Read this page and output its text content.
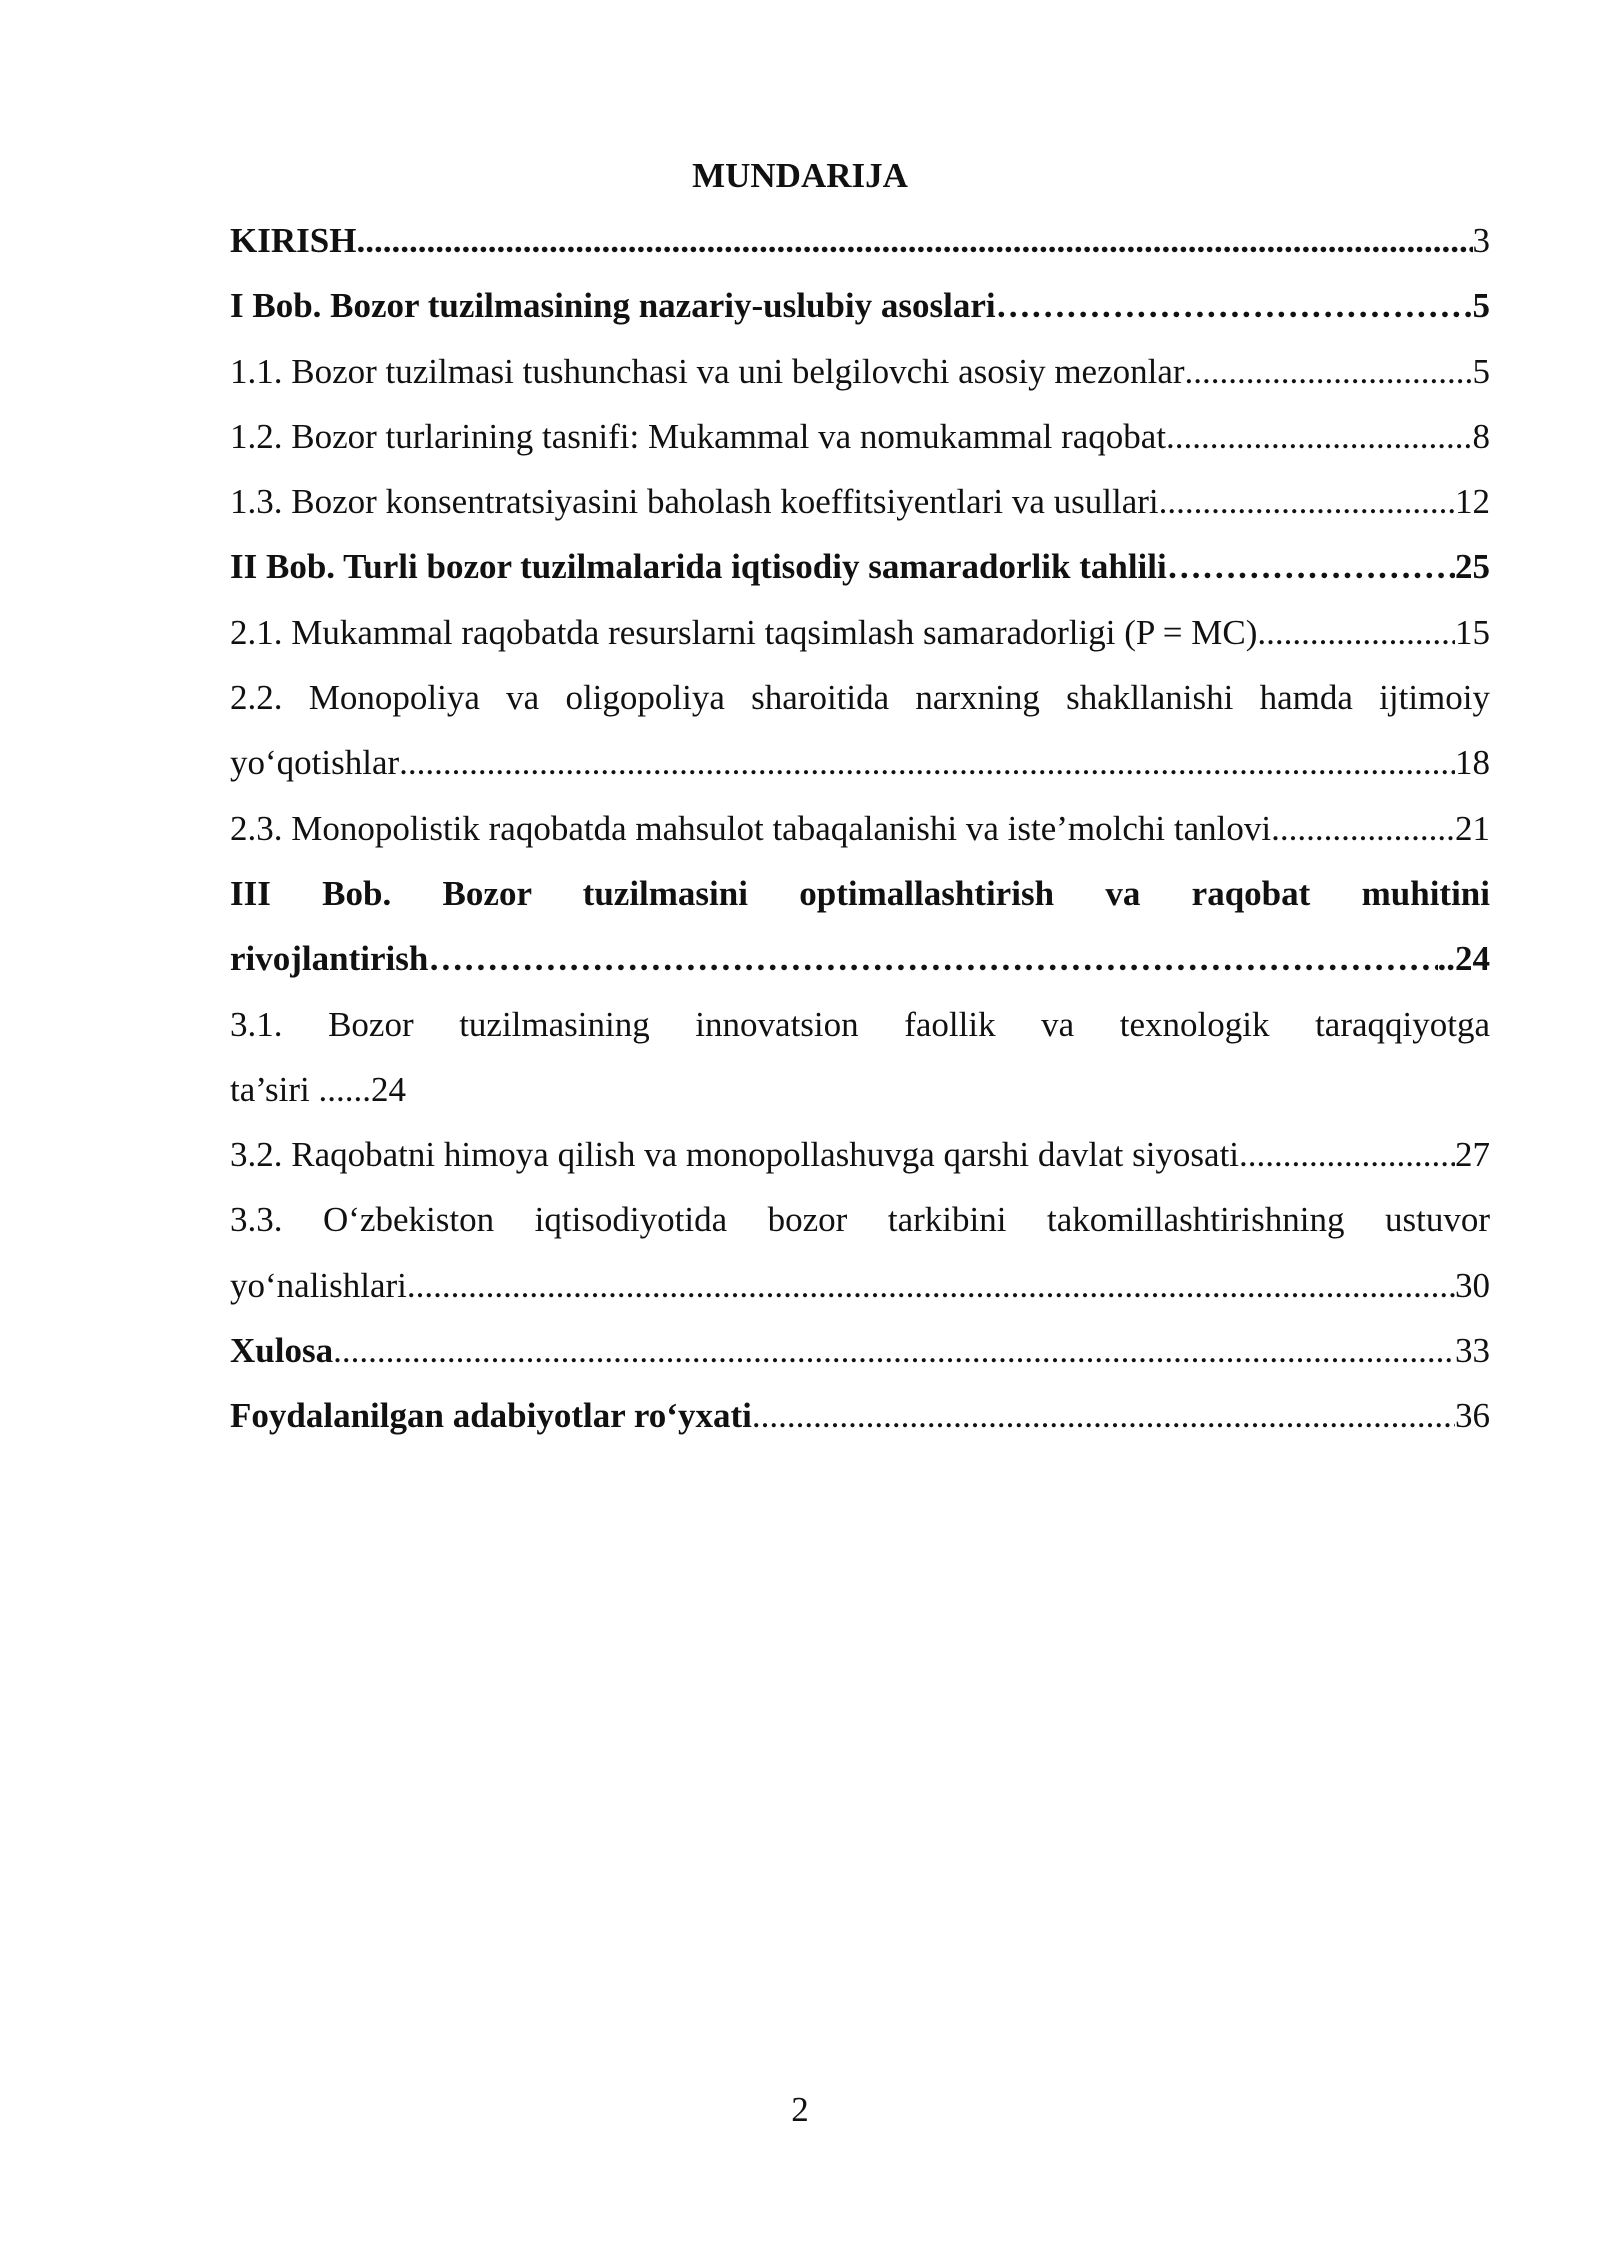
MUNDARIJA
KIRISH .....	3
I Bob. Bozor tuzilmasining nazariy-uslubiy asoslari …………………………………………………………………………………………………………………………………………………	.5
1.1. Bozor tuzilmasi tushunchasi va uni belgilovchi asosiy mezonlar .....	5
1.2. Bozor turlarining tasnifi: Mukammal va nomukammal raqobat .....	8
1.3. Bozor konsentratsiyasini baholash koeffitsiyentlari va usullari .....	12
II Bob. Turli bozor tuzilmalarida iqtisodiy samaradorlik tahlili …………………………………………………………………………………………………………………………………………………	25
2.1. Mukammal raqobatda resurslarni taqsimlash samaradorligi (P = MC) .....	15
2.2. Monopoliya va oligopoliya sharoitida narxning shakllanishi hamda ijtimoiy
yo‘qotishlar .....	18
2.3. Monopolistik raqobatda mahsulot tabaqalanishi va iste’molchi tanlovi .....	21
III Bob. Bozor tuzilmasini optimallashtirish va raqobat muhitini
rivojlantirish …………………………………………………………………………………………………………………………………………………	..24
3.1. Bozor tuzilmasining innovatsion faollik va texnologik taraqqiyotga
ta’siri ......24
3.2. Raqobatni himoya qilish va monopollashuvga qarshi davlat siyosati .....	27
3.3. O‘zbekiston iqtisodiyotida bozor tarkibini takomillashtirishning ustuvor
yo‘nalishlari .....	30
Xulosa .....	33
Foydalanilgan adabiyotlar ro‘yxati .....	36
2
